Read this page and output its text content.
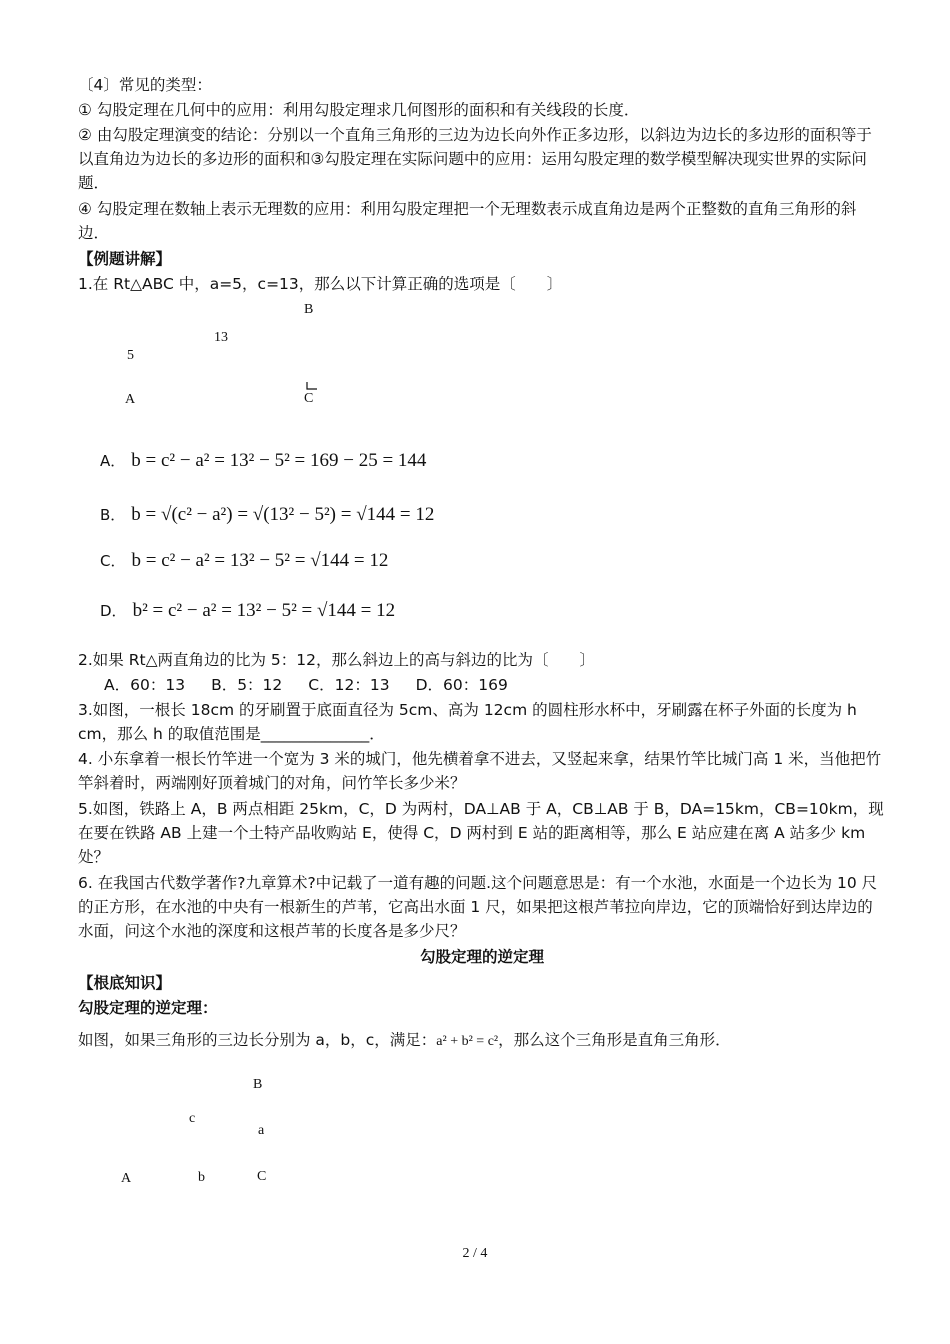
〔4〕常见的类型：

① 勾股定理在几何中的应用：利用勾股定理求几何图形的面积和有关线段的长度．

② 由勾股定理演变的结论：分别以一个直角三角形的三边为边长向外作正多边形，以斜边为边长的多边形的面积等于以直角边为边长的多边形的面积和③勾股定理在实际问题中的应用：运用勾股定理的数学模型解决现实世界的实际问题．

④ 勾股定理在数轴上表示无理数的应用：利用勾股定理把一个无理数表示成直角边是两个正整数的直角三角形的斜边．

【例题讲解】

1.在 Rt△ABC 中，a=5，c=13，那么以下计算正确的选项是〔　　〕

B
13
5
A	C
A． b = c² − a² = 13² − 5² = 169 − 25 = 144
B． b = √(c² − a²) = √(13² − 5²) = √144 = 12
C． b = c² − a² = 13² − 5² = √144 = 12
D． b² = c² − a² = 13² − 5² = √144 = 12

2.如果 Rt△两直角边的比为 5：12，那么斜边上的高与斜边的比为〔　　〕

A．60：13 B．5：12 C．12：13 D．60：169

3.如图，一根长 18cm 的牙刷置于底面直径为 5cm、高为 12cm 的圆柱形水杯中，牙刷露在杯子外面的长度为 h cm，那么 h 的取值范围是______________．

4. 小东拿着一根长竹竿进一个宽为 3 米的城门，他先横着拿不进去，又竖起来拿，结果竹竿比城门高 1 米，当他把竹竿斜着时，两端刚好顶着城门的对角，问竹竿长多少米？

5.如图，铁路上 A，B 两点相距 25km，C，D 为两村，DA⊥AB 于 A，CB⊥AB 于 B，DA=15km，CB=10km，现在要在铁路 AB 上建一个土特产品收购站 E，使得 C，D 两村到 E 站的距离相等，那么 E 站应建在离 A 站多少 km 处？

6. 在我国古代数学著作?九章算术?中记载了一道有趣的问题.这个问题意思是：有一个水池，水面是一个边长为 10 尺的正方形，在水池的中央有一根新生的芦苇，它高出水面 1 尺，如果把这根芦苇拉向岸边，它的顶端恰好到达岸边的水面，问这个水池的深度和这根芦苇的长度各是多少尺？

勾股定理的逆定理

【根底知识】

勾股定理的逆定理：

如图，如果三角形的三边长分别为 a，b，c，满足：a² + b² = c²，那么这个三角形是直角三角形．

B
c
a
A	b	C
2 / 4
